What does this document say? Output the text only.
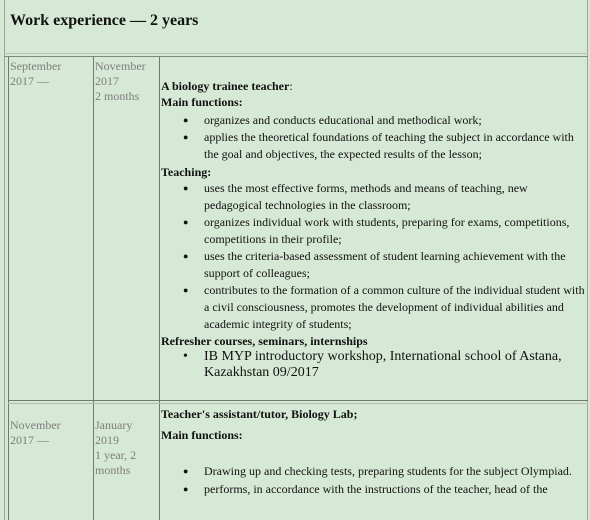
Work experience — 2 years
September
2017 —
November
2017
2 months
A biology trainee teacher:
Main functions:
● organizes and conducts educational and methodical work;
● applies the theoretical foundations of teaching the subject in accordance with the goal and objectives, the expected results of the lesson;
Teaching:
● uses the most effective forms, methods and means of teaching, new pedagogical technologies in the classroom;
● organizes individual work with students, preparing for exams, competitions, competitions in their profile;
● uses the criteria-based assessment of student learning achievement with the support of colleagues;
● contributes to the formation of a common culture of the individual student with a civil consciousness, promotes the development of individual abilities and academic integrity of students;
Refresher courses, seminars, internships
• IB MYP introductory workshop, International school of Astana, Kazakhstan 09/2017
November
2017 —
January
2019
1 year, 2
months
Teacher's assistant/tutor, Biology Lab;
Main functions:
● Drawing up and checking tests, preparing students for the subject Olympiad.
● performs, in accordance with the instructions of the teacher, head of the
